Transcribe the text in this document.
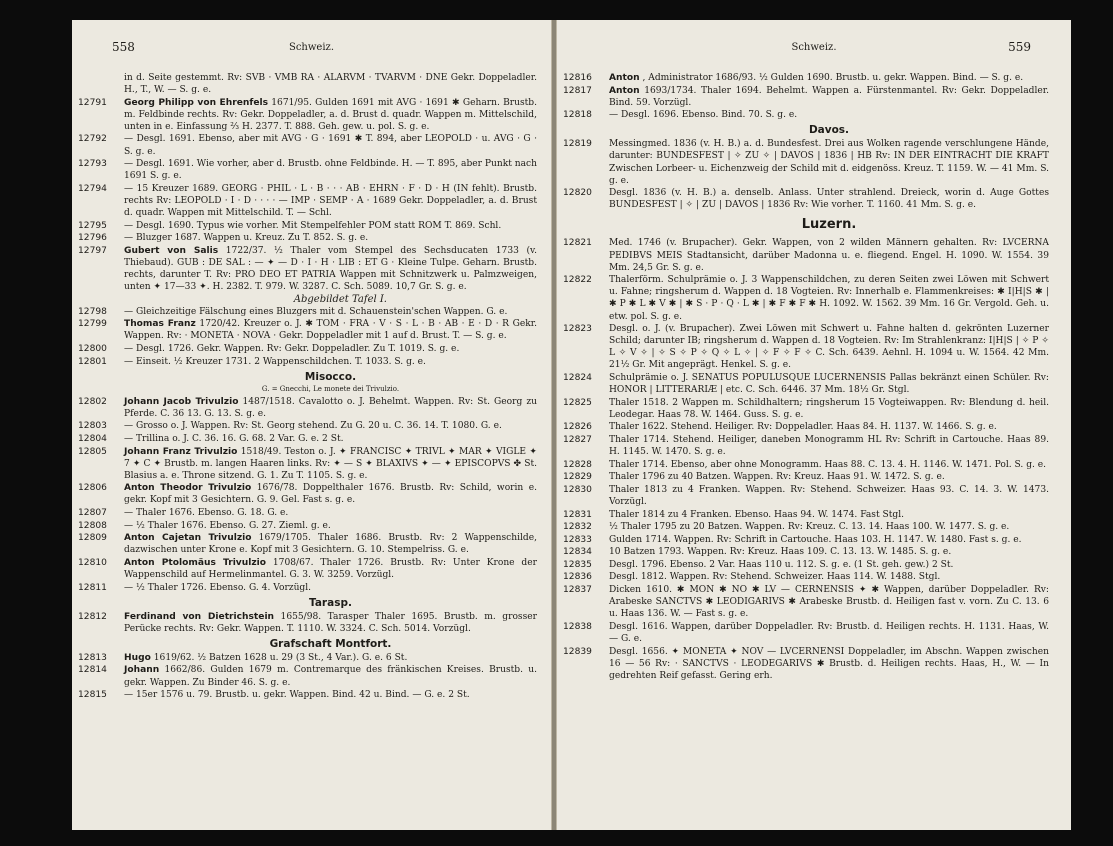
558	Schweiz.
in d. Seite gestemmt. Rv: SVB · VMB RA · ALARVM · TVARVM · DNE Gekr. Doppeladler. H., T., W. — S. g. e.
12791 Georg Philipp von Ehrenfels 1671/95. Gulden 1691 mit AVG · 1691 ✱ Geharn. Brustb. m. Feldbinde rechts. Rv: Gekr. Doppeladler, a. d. Brust d. quadr. Wappen m. Mittelschild, unten in e. Einfassung ⅔ H. 2377. T. 888. Geh. gew. u. pol. S. g. e.
12792 — Desgl. 1691. Ebenso, aber mit AVG · G · 1691 ✱ T. 894, aber LEOPOLD · u. AVG · G · S. g. e.
12793 — Desgl. 1691. Wie vorher, aber d. Brustb. ohne Feldbinde. H. — T. 895, aber Punkt nach 1691 S. g. e.
12794 — 15 Kreuzer 1689. GEORG · PHIL · L · B · · · AB · EHRN · F · D · H (IN fehlt). Brustb. rechts Rv: LEOPOLD · I · D · · · · — IMP · SEMP · A · 1689 Gekr. Doppeladler, a. d. Brust d. quadr. Wappen mit Mittelschild. T. — Schl.
12795 — Desgl. 1690. Typus wie vorher. Mit Stempelfehler POM statt ROM T. 869. Schl.
12796 — Bluzger 1687. Wappen u. Kreuz. Zu T. 852. S. g. e.
12797 Gubert von Salis 1722/37. ½ Thaler vom Stempel des Sechsducaten 1733 (v. Thiebaud). GUB : DE SAL : — ✦ — D · I · H · LIB : ET G · Kleine Tulpe. Geharn. Brustb. rechts, darunter T. Rv: PRO DEO ET PATRIA Wappen mit Schnitzwerk u. Palmzweigen, unten ✦ 17—33 ✦. H. 2382. T. 979. W. 3287. C. Sch. 5089. 10,7 Gr. S. g. e.
Abgebildet Tafel I.
12798 — Gleichzeitige Fälschung eines Bluzgers mit d. Schauenstein'schen Wappen. G. e.
12799 Thomas Franz 1720/42. Kreuzer o. J. ✱ TOM · FRA · V · S · L · B · AB · E · D · R Gekr. Wappen. Rv: · MONETA · NOVA · Gekr. Doppeladler mit 1 auf d. Brust. T. — S. g. e.
12800 — Desgl. 1726. Gekr. Wappen. Rv: Gekr. Doppeladler. Zu T. 1019. S. g. e.
12801 — Einseit. ½ Kreuzer 1731. 2 Wappenschildchen. T. 1033. S. g. e.
Misocco.
G. = Gnecchi, Le monete dei Trivulzio.
12802 Johann Jacob Trivulzio 1487/1518. Cavalotto o. J. Behelmt. Wappen. Rv: St. Georg zu Pferde. C. 36 13. G. 13. S. g. e.
12803 — Grosso o. J. Wappen. Rv: St. Georg stehend. Zu G. 20 u. C. 36. 14. T. 1080. G. e.
12804 — Trillina o. J. C. 36. 16. G. 68. 2 Var. G. e. 2 St.
12805 Johann Franz Trivulzio 1518/49. Teston o. J. ✦ FRANCISC ✦ TRIVL ✦ MAR ✦ VIGLE ✦ 7 ✦ C ✦ Brustb. m. langen Haaren links. Rv: ✦ — S ✦ BLAXIVS ✦ — ✦ EPISCOPVS ✤ St. Blasius a. e. Throne sitzend. G. 1. Zu T. 1105. S. g. e.
12806 Anton Theodor Trivulzio 1676/78. Doppelthaler 1676. Brustb. Rv: Schild, worin e. gekr. Kopf mit 3 Gesichtern. G. 9. Gel. Fast s. g. e.
12807 — Thaler 1676. Ebenso. G. 18. G. e.
12808 — ½ Thaler 1676. Ebenso. G. 27. Zieml. g. e.
12809 Anton Cajetan Trivulzio 1679/1705. Thaler 1686. Brustb. Rv: 2 Wappenschilde, dazwischen unter Krone e. Kopf mit 3 Gesichtern. G. 10. Stempelriss. G. e.
12810 Anton Ptolomäus Trivulzio 1708/67. Thaler 1726. Brustb. Rv: Unter Krone der Wappenschild auf Hermelinmantel. G. 3. W. 3259. Vorzügl.
12811 — ½ Thaler 1726. Ebenso. G. 4. Vorzügl.
Tarasp.
12812 Ferdinand von Dietrichstein 1655/98. Tarasper Thaler 1695. Brustb. m. grosser Perücke rechts. Rv: Gekr. Wappen. T. 1110. W. 3324. C. Sch. 5014. Vorzügl.
Grafschaft Montfort.
12813 Hugo 1619/62. ½ Batzen 1628 u. 29 (3 St., 4 Var.). G. e. 6 St.
12814 Johann 1662/86. Gulden 1679 m. Contremarque des fränkischen Kreises. Brustb. u. gekr. Wappen. Zu Binder 46. S. g. e.
12815 — 15er 1576 u. 79. Brustb. u. gekr. Wappen. Bind. 42 u. Bind. — G. e. 2 St.
Schweiz.	559
12816 Anton , Administrator 1686/93. ½ Gulden 1690. Brustb. u. gekr. Wappen. Bind. — S. g. e.
12817 Anton 1693/1734. Thaler 1694. Behelmt. Wappen a. Fürstenmantel. Rv: Gekr. Doppeladler. Bind. 59. Vorzügl.
12818 — Desgl. 1696. Ebenso. Bind. 70. S. g. e.
Davos.
12819 Messingmed. 1836 (v. H. B.) a. d. Bundesfest. Drei aus Wolken ragende verschlungene Hände, darunter: BUNDESFEST | ✧ ZU ✧ | DAVOS | 1836 | HB Rv: IN DER EINTRACHT DIE KRAFT Zwischen Lorbeer- u. Eichenzweig der Schild mit d. eidgenöss. Kreuz. T. 1159. W. — 41 Mm. S. g. e.
12820 Desgl. 1836 (v. H. B.) a. denselb. Anlass. Unter strahlend. Dreieck, worin d. Auge Gottes BUNDESFEST | ✧ | ZU | DAVOS | 1836 Rv: Wie vorher. T. 1160. 41 Mm. S. g. e.
Luzern.
12821 Med. 1746 (v. Brupacher). Gekr. Wappen, von 2 wilden Männern gehalten. Rv: LVCERNA PEDIBVS MEIS Stadtansicht, darüber Madonna u. e. fliegend. Engel. H. 1090. W. 1554. 39 Mm. 24,5 Gr. S. g. e.
12822 Thalerförm. Schulprämie o. J. 3 Wappenschildchen, zu deren Seiten zwei Löwen mit Schwert u. Fahne; ringsherum d. Wappen d. 18 Vogteien. Rv: Innerhalb e. Flammenkreises: ✱ I|H|S ✱ | ✱ P ✱ L ✱ V ✱ | ✱ S · P · Q · L ✱ | ✱ F ✱ F ✱ H. 1092. W. 1562. 39 Mm. 16 Gr. Vergold. Geh. u. etw. pol. S. g. e.
12823 Desgl. o. J. (v. Brupacher). Zwei Löwen mit Schwert u. Fahne halten d. gekrönten Luzerner Schild; darunter IB; ringsherum d. Wappen d. 18 Vogteien. Rv: Im Strahlenkranz: I|H|S | ✧ P ✧ L ✧ V ✧ | ✧ S ✧ P ✧ Q ✧ L ✧ | ✧ F ✧ F ✧ C. Sch. 6439. Aehnl. H. 1094 u. W. 1564. 42 Mm. 21½ Gr. Mit angeprägt. Henkel. S. g. e.
12824 Schulprämie o. J. SENATUS POPULUSQUE LUCERNENSIS Pallas bekränzt einen Schüler. Rv: HONOR | LITTERARIÆ | etc. C. Sch. 6446. 37 Mm. 18½ Gr. Stgl.
12825 Thaler 1518. 2 Wappen m. Schildhaltern; ringsherum 15 Vogteiwappen. Rv: Blendung d. heil. Leodegar. Haas 78. W. 1464. Guss. S. g. e.
12826 Thaler 1622. Stehend. Heiliger. Rv: Doppeladler. Haas 84. H. 1137. W. 1466. S. g. e.
12827 Thaler 1714. Stehend. Heiliger, daneben Monogramm HL Rv: Schrift in Cartouche. Haas 89. H. 1145. W. 1470. S. g. e.
12828 Thaler 1714. Ebenso, aber ohne Monogramm. Haas 88. C. 13. 4. H. 1146. W. 1471. Pol. S. g. e.
12829 Thaler 1796 zu 40 Batzen. Wappen. Rv: Kreuz. Haas 91. W. 1472. S. g. e.
12830 Thaler 1813 zu 4 Franken. Wappen. Rv: Stehend. Schweizer. Haas 93. C. 14. 3. W. 1473. Vorzügl.
12831 Thaler 1814 zu 4 Franken. Ebenso. Haas 94. W. 1474. Fast Stgl.
12832 ½ Thaler 1795 zu 20 Batzen. Wappen. Rv: Kreuz. C. 13. 14. Haas 100. W. 1477. S. g. e.
12833 Gulden 1714. Wappen. Rv: Schrift in Cartouche. Haas 103. H. 1147. W. 1480. Fast s. g. e.
12834 10 Batzen 1793. Wappen. Rv: Kreuz. Haas 109. C. 13. 13. W. 1485. S. g. e.
12835 Desgl. 1796. Ebenso. 2 Var. Haas 110 u. 112. S. g. e. (1 St. geh. gew.) 2 St.
12836 Desgl. 1812. Wappen. Rv: Stehend. Schweizer. Haas 114. W. 1488. Stgl.
12837 Dicken 1610. ✱ MON ✱ NO ✱ LV — CERNENSIS ✦ ✱ Wappen, darüber Doppeladler. Rv: Arabeske SANCTVS ✱ LEODIGARIVS ✱ Arabeske Brustb. d. Heiligen fast v. vorn. Zu C. 13. 6 u. Haas 136. W. — Fast s. g. e.
12838 Desgl. 1616. Wappen, darüber Doppeladler. Rv: Brustb. d. Heiligen rechts. H. 1131. Haas, W. — G. e.
12839 Desgl. 1656. ✦ MONETA ✦ NOV — LVCERNENSI Doppeladler, im Abschn. Wappen zwischen 16 — 56 Rv: · SANCTVS · LEODEGARIVS ✱ Brustb. d. Heiligen rechts. Haas, H., W. — In gedrehten Reif gefasst. Gering erh.
